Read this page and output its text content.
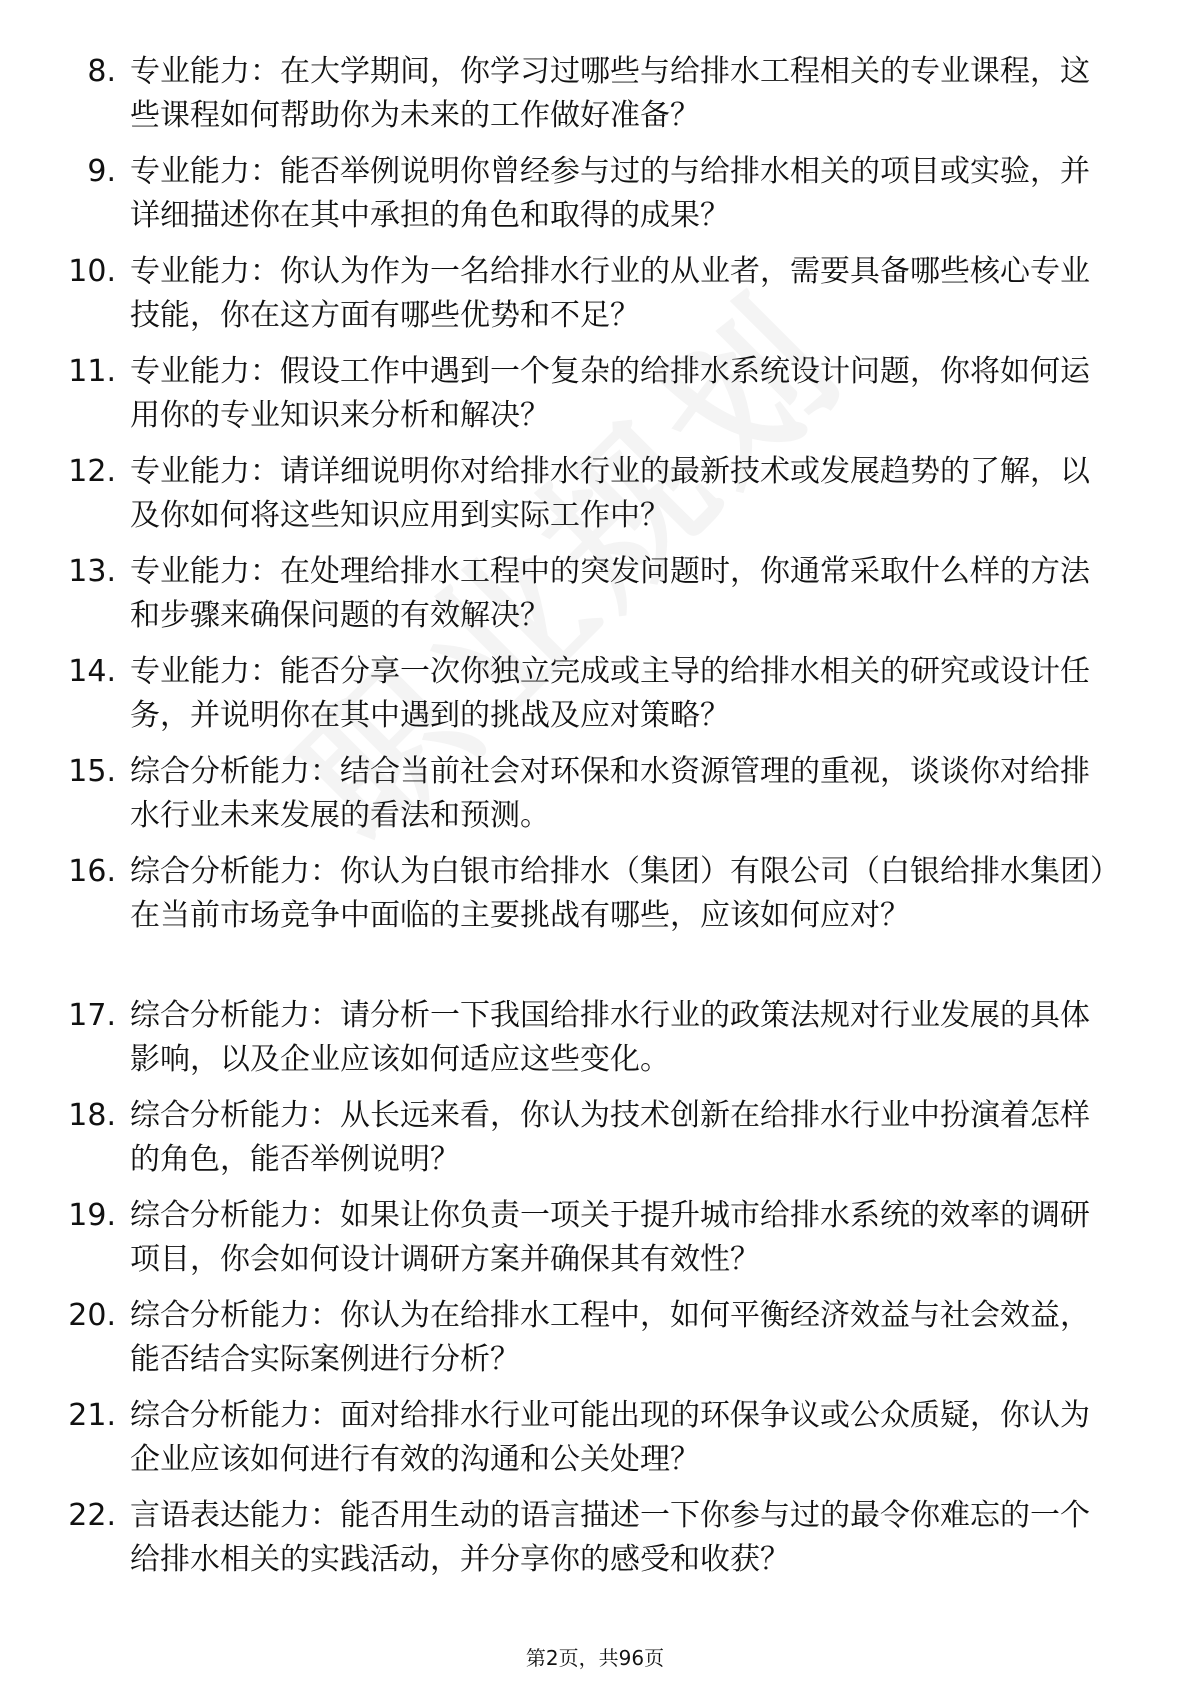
8. 专业能力：在大学期间，你学习过哪些与给排水工程相关的专业课程，这些课程如何帮助你为未来的工作做好准备？
9. 专业能力：能否举例说明你曾经参与过的与给排水相关的项目或实验，并详细描述你在其中承担的角色和取得的成果？
10. 专业能力：你认为作为一名给排水行业的从业者，需要具备哪些核心专业技能，你在这方面有哪些优势和不足？
11. 专业能力：假设工作中遇到一个复杂的给排水系统设计问题，你将如何运用你的专业知识来分析和解决？
12. 专业能力：请详细说明你对给排水行业的最新技术或发展趋势的了解，以及你如何将这些知识应用到实际工作中？
13. 专业能力：在处理给排水工程中的突发问题时，你通常采取什么样的方法和步骤来确保问题的有效解决？
14. 专业能力：能否分享一次你独立完成或主导的给排水相关的研究或设计任务，并说明你在其中遇到的挑战及应对策略？
15. 综合分析能力：结合当前社会对环保和水资源管理的重视，谈谈你对给排水行业未来发展的看法和预测。
16. 综合分析能力：你认为白银市给排水（集团）有限公司（白银给排水集团）在当前市场竞争中面临的主要挑战有哪些，应该如何应对？
17. 综合分析能力：请分析一下我国给排水行业的政策法规对行业发展的具体影响，以及企业应该如何适应这些变化。
18. 综合分析能力：从长远来看，你认为技术创新在给排水行业中扮演着怎样的角色，能否举例说明？
19. 综合分析能力：如果让你负责一项关于提升城市给排水系统的效率的调研项目，你会如何设计调研方案并确保其有效性？
20. 综合分析能力：你认为在给排水工程中，如何平衡经济效益与社会效益，能否结合实际案例进行分析？
21. 综合分析能力：面对给排水行业可能出现的环保争议或公众质疑，你认为企业应该如何进行有效的沟通和公关处理？
22. 言语表达能力：能否用生动的语言描述一下你参与过的最令你难忘的一个给排水相关的实践活动，并分享你的感受和收获？
第2页，共96页
